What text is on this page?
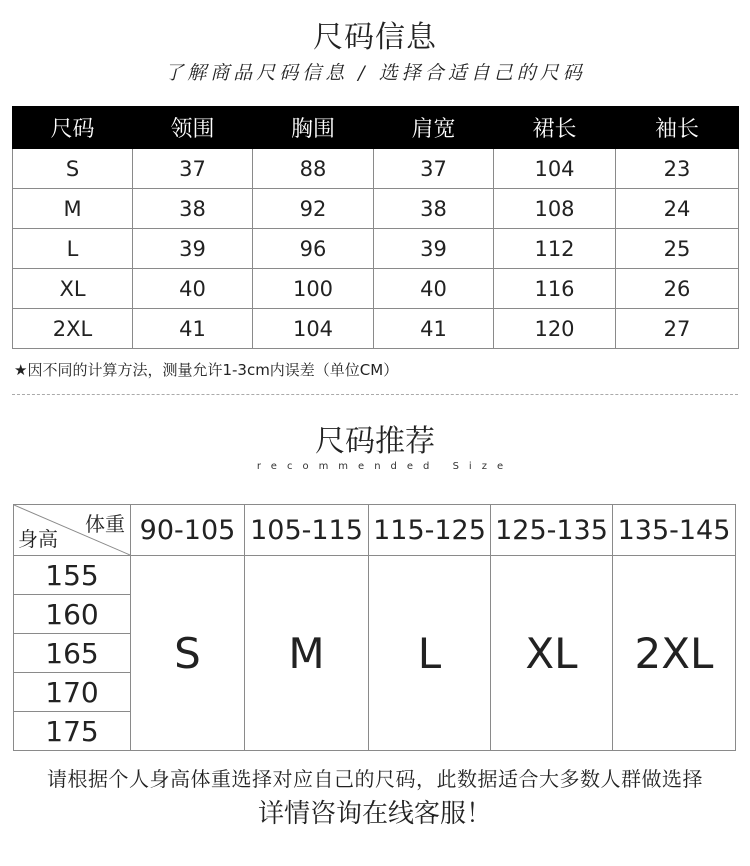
尺码信息
了解商品尺码信息 / 选择合适自己的尺码
尺码	领围	胸围	肩宽	裙长	袖长
S	37	88	37	104	23
M	38	92	38	108	24
L	39	96	39	112	25
XL	40	100	40	116	26
2XL	41	104	41	120	27
★因不同的计算方法，测量允许1-3cm内误差（单位CM）
尺码推荐
recommended Size
体重
身高	90-105	105-115	115-125	125-135	135-145
155	S	M	L	XL	2XL
160					
165					
170					
175					
请根据个人身高体重选择对应自己的尺码，此数据适合大多数人群做选择
详情咨询在线客服！
